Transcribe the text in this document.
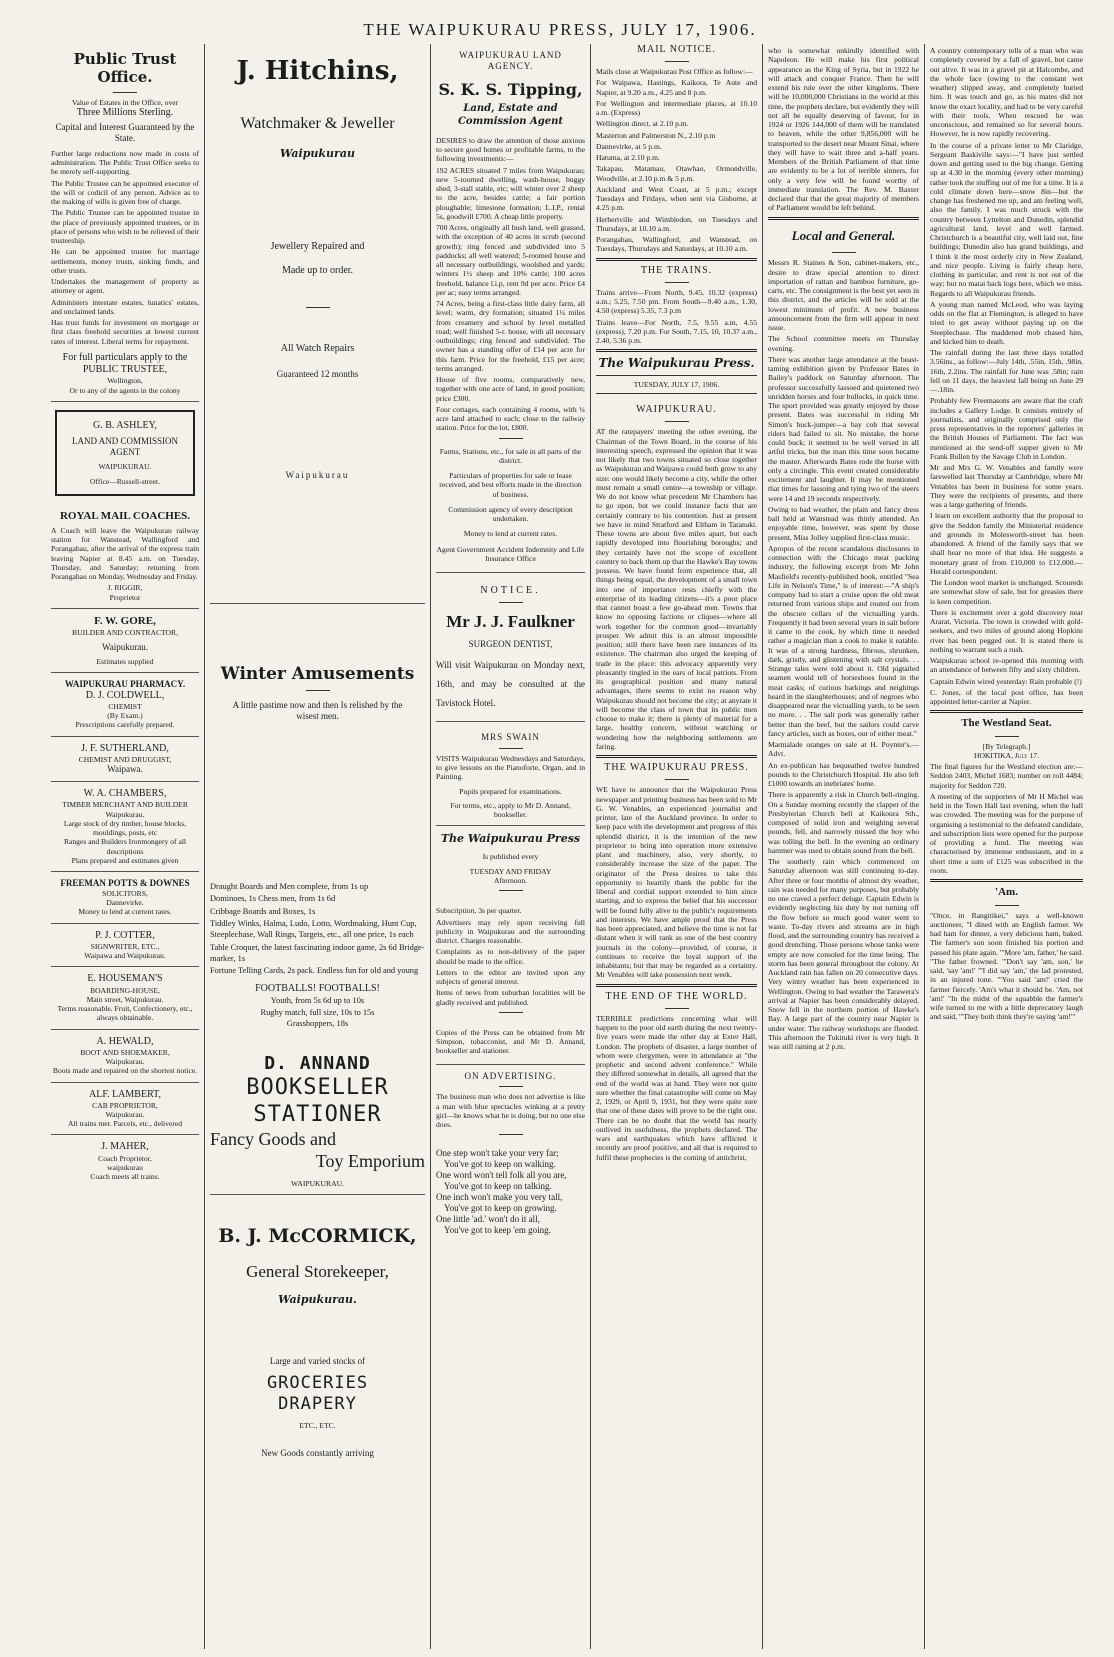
THE WAIPUKURAU PRESS, JULY 17, 1906.
Public Trust Office.
Value of Estates in the Office, over
Three Millions Sterling.
Capital and Interest Guaranteed by the State.

Further large reductions now made in costs of administration. The Public Trust Office seeks to be merely self-supporting.

The Public Trustee can be appointed executor of the will or codicil of any person. Advice as to the making of wills is given free of charge.

The Public Trustee can be appointed trustee in the place of previously appointed trustees, or in place of persons who wish to be relieved of their trusteeship.

He can be appointed trustee for marriage settlements, money trusts, sinking funds, and other trusts.

Undertakes the management of property as attorney or agent.

Administers intestate estates, lunatics' estates, and unclaimed lands.

Has trust funds for investment on mortgage or first class freehold securities at lowest current rates of interest. Liberal terms for repayment.

For full particulars apply to the
PUBLIC TRUSTEE,
Wellington,
Or to any of the agents in the colony
G. B. ASHLEY,
LAND AND COMMISSION AGENT
WAIPUKURAU.
Office—Russell-street.
ROYAL MAIL COACHES.

A Coach will leave the Waipukurau railway station for Wanstead, Wallingford and Porangahau, after the arrival of the express train leaving Napier at 8.45 a.m. on Tuesday, Thursday, and Saturday; returning from Porangahau on Monday, Wednesday and Friday.

J. RIGGIR,
Proprietor
F. W. GORE,
BUILDER AND CONTRACTOR,
Waipukurau.
Estimates supplied
WAIPUKURAU PHARMACY.
D. J. COLDWELL,
CHEMIST
(By Exam.)
Prescriptions carefully prepared.
J. F. SUTHERLAND,
CHEMIST AND DRUGGIST,
Waipawa.
W. A. CHAMBERS,
TIMBER MERCHANT AND BUILDER
Waipukurau.
Large stock of dry timber, house blocks, mouldings, posts, etc
Ranges and Builders Ironmongery of all descriptions
Plans prepared and estimates given
FREEMAN POTTS & DOWNES
SOLICITORS,
Dannevirke.
Money to lend at current rates.
P. J. COTTER,
SIGNWRITER, ETC.,
Waipawa and Waipukurau.
E. HOUSEMAN'S
BOARDING-HOUSE,
Main street, Waipukurau.
Terms reasonable. Fruit, Confectionery, etc., always obtainable.
A. HEWALD,
BOOT AND SHOEMAKER,
Waipukurau.
Boots made and repaired on the shortest notice.
ALF. LAMBERT,
CAB PROPRIETOR,
Waipukurau.
All trains met. Parcels, etc., delivered
J. MAHER,
Coach Proprietor,
waipukurau
Coach meets all trains.
J. Hitchins,
Watchmaker & Jeweller
Waipukurau
Jewellery Repaired and
Made up to order.
All Watch Repairs
Guaranteed 12 months
Waipukurau
Winter Amusements
A little pastime now and then Is relished by the wisest men.
Draught Boards and Men complete, from 1s up
Dominoes, 1s Chess men, from 1s 6d
Cribbage Boards and Boxes, 1s
Tiddley Winks, Halma, Ludo, Lotto, Wordmaking, Hunt Cup, Steeplechase, Wall Rings, Targets, etc., all one price, 1s each
Table Croquet, the latest fascinating indoor game, 2s 6d Bridge-marker, 1s
Fortune Telling Cards, 2s pack. Endless fun for old and young
FOOTBALLS! FOOTBALLS!
Youth, from 5s 6d up to 10s
Rugby match, full size, 10s to 15s
Grasshoppers, 18s
D. ANNAND
BOOKSELLER
STATIONER
Fancy Goods and
Toy Emporium
WAIPUKURAU.
B. J. McCORMICK,
General Storekeeper,
Waipukurau.
Large and varied stocks of
GROCERIES
DRAPERY
ETC., ETC.
New Goods constantly arriving
WAIPUKURAU LAND AGENCY.
S. K. S. Tipping,
Land, Estate and
Commission Agent

DESIRES to draw the attention of those anxious to secure good homes or profitable farms, to the following investments:—

192 ACRES situated 7 miles from Waipukurau; new 5-roomed dwelling, wash-house, buggy shed, 3-stall stable, etc; will winter over 2 sheep to the acre, besides cattle; a fair portion ploughable; limestone formation; L.I.P., rental 5s, goodwill £700. A cheap little property.

700 Acres, originally all bush land, well grassed, with the exception of 40 acres in scrub (second growth); ring fenced and subdivided into 5 paddocks; all well watered; 5-roomed house and all necessary outbuildings, woolshed and yards; winters 1½ sheep and 10% cattle; 100 acres freehold, balance l.i.p, rent 9d per acre. Price £4 per ac; easy terms arranged.

74 Acres, being a first-class little dairy farm, all level; warm, dry formation; situated 1¼ miles from creamery and school by level metalled road; well finished 5-r. house, with all necessary outbuildings; ring fenced and subdivided. The owner has a standing offer of £14 per acre for this farm. Price for the freehold, £15 per acre; terms arranged.

House of five rooms, comparatively new, together with one acre of land, in good position; price £300.

Four cottages, each containing 4 rooms, with ¼ acre land attached to each; close to the railway station. Price for the lot, £800.

Farms, Stations, etc., for sale in all parts of the district.
Particulars of properties for sale or lease received, and best efforts made in the direction of business.
Commission agency of every description undertaken.
Money to lend at current rates.
Agent Government Accident Indemnity and Life Insurance Office
NOTICE.
Mr J. J. Faulkner
SURGEON DENTIST,

Will visit Waipukurau on Monday next, 16th, and may be consulted at the Tavistock Hotel.

MRS SWAIN

VISITS Waipukurau Wednesdays and Saturdays, to give lessons on the Pianoforte, Organ, and in Painting.

Pupils prepared for examinations.
For terms, etc., apply to Mr D. Annand, bookseller.
The Waipukurau Press
Is published every
TUESDAY AND FRIDAY
Afternoon.

Subscription, 3s per quarter.

Advertisers may rely upon receiving full publicity in Waipukurau and the surrounding district. Charges reasonable.

Complaints as to non-delivery of the paper should be made to the office.

Letters to the editor are invited upon any subjects of general interest.

Items of news from suburban localities will be gladly received and published.

Copies of the Press can be obtained from Mr Simpson, tobacconist, and Mr D. Annand, bookseller and stationer.

ON ADVERTISING.

The business man who does not advertise is like a man with blue spectacles winking at a pretty girl—he knows what he is doing, but no one else does.

One step won't take your very far;
You've got to keep on walking.
One word won't tell folk all you are,
You've got to keep on talking.
One inch won't make you very tall,
You've got to keep on growing.
One little 'ad.' won't do it all,
You've got to keep 'em going.
MAIL NOTICE.

Mails close at Waipukurau Post Office as follow:—

For Waipawa, Hastings, Kaikora, Te Aute and Napier, at 9.20 a.m., 4.25 and 8 p.m.

For Wellington and intermediate places, at 10.10 a.m. (Express)

Wellington direct, at 2.10 p.m.

Masterton and Palmerston N., 2.10 p.m

Dannevirke, at 5 p.m.

Hatuma, at 2.10 p.m.

Takapau, Matamau, Otawhao, Ormondville, Woodville, at 2.10 p.m & 5 p.m.

Auckland and West Coast, at 5 p.m.; except Tuesdays and Fridays, when sent via Gisborne, at 4.25 p.m.

Herbertville and Wimbledon, on Tuesdays and Thursdays, at 10.10 a.m.

Porangahau, Wallingford, and Wanstead, on Tuesdays, Thursdays and Saturdays, at 10.10 a.m.

THE TRAINS.

Trains arrive—From North, 9.45, 10.32 (express) a.m.; 5.25, 7.50 pm. From South—9.40 a.m., 1.30, 4.50 (express) 5.35, 7.3 p.m

Trains leave—For North, 7.5, 9.55 a.m, 4.55 (express), 7.20 p.m. For South, 7.15, 10, 10.37 a.m., 2.40, 5.36 p.m.

The Waipukurau Press.
TUESDAY, JULY 17, 1906.
WAIPUKURAU.

AT the ratepayers' meeting the other evening, the Chairman of the Town Board, in the course of his interesting speech, expressed the opinion that it was not likely that two towns situated so close together as Waipukurau and Waipawa could both grow to any size: one would likely become a city, while the other must remain a small centre—a township or village. We do not know what precedent Mr Chambers has to go upon, but we could instance facts that are certainly contrary to his contention. Just at present we have in mind Stratford and Eltham in Taranaki. These towns are about five miles apart, but each rapidly developed into flourishing boroughs; and they certainly have not the scope of excellent country to back them up that the Hawke's Bay towns possess. We have found from experience that, all things being equal, the development of a small town into one of importance rests chiefly with the enterprise of its leading citizens—it's a poor place that cannot boast a few go-ahead men. Towns that know no opposing factions or cliques—where all work together for the common good—invariably prosper. We admit this is an almost impossible position; still there have been rare instances of its existence. The chairman also urged the keeping of trade in the place: this advocacy apparently very pleasantly tingled in the ears of local patriots. From its geographical position and many natural advantages, there seems to exist no reason why Waipukurau should not become the city; at anyrate it will become the class of town that its public men choose to make it; there is plenty of material for a large, healthy concern, without watching or wondering how the neighboring settlements are faring.

THE WAIPUKURAU PRESS.

WE have to announce that the Waipukurau Press newspaper and printing business has been sold to Mr G. W. Venables, an experienced journalist and printer, late of the Auckland province. In order to keep pace with the development and progress of this splendid district, it is the intention of the new proprietor to bring into operation more extensive plant and machinery, also, very shortly, to considerably increase the size of the paper. The originator of the Press desires to take this opportunity to heartily thank the public for the liberal and cordial support extended to him since starting, and to express the belief that his successor will be found fully alive to the public's requirements and interests. We have ample proof that the Press has been appreciated, and believe the time is not far distant when it will rank as one of the best country journals in the colony—provided, of course, it continues to receive the loyal support of the inhabitants; but that may be regarded as a certainty. Mr Venables will take possession next week.

THE END OF THE WORLD.

TERRIBLE predictions concerning what will happen to the poor old earth during the next twenty-five years were made the other day at Exter Hall, London. The prophets of disaster, a large number of whom were clergymen, were in attendance at "the prophetic and second advent conference." While they differed somewhat in details, all agreed that the end of the world was at hand. They were not quite sure whether the final catastrophe will come on May 2, 1929, or April 9, 1931, but they were quite sure that one of these dates will prove to be the right one. There can be no doubt that the world has nearly outlived its usefulness, the prophets declared. The wars and earthquakes which have afflicted it recently are proof positive, and all that is required to fulfil these prophecies is the coming of antichrist,

who is somewhat unkindly identified with Napoleon. He will make his first political appearance as the King of Syria, but in 1922 he will attack and conquer France. Then he will extend his rule over the other kingdoms. There will be 10,000,000 Christians in the world at this time, the prophets declare, but evidently they will not all be equally deserving of favour, for in 1924 or 1926 144,000 of them will be translated to heaven, while the other 9,856,000 will be transported to the desert near Mount Sinai, where they will have to wait three and a-half years. Members of the British Parliament of that time are evidently to be a lot of terrible sinners, for only a very few will be found worthy of immediate translation. The Rev. M. Baxter declared that that the great majority of members of Parliament would be left behind.

Local and General.

Messrs R. Staines & Son, cabinet-makers, etc., desire to draw special attention to direct importation of rattan and bamboo furniture, go-carts, etc. The consignment is the best yet seen in this district, and the articles will be sold at the lowest minimum of profit. A new business announcement from the firm will appear in next issue.

The School committee meets on Thursday evening.

There was another large attendance at the beast-taming exhibition given by Professor Bates in Bailey's paddock on Saturday afternoon. The professor successfully lassoed and quietened two unridden horses and four bullocks, in quick time. The sport provided was greatly enjoyed by those present. Bates was successful in riding Mr Simon's buck-jumper—a bay cob that several riders had failed to sit. No mistake, the horse could buck; it seemed to be well versed in all artful tricks, but the man this time soon became the master. Afterwards Bates rode the horse with only a circingle. This event created considerable excitement and laughter. It may be mentioned that times for lassoing and tying two of the steers were 14 and 19 seconds respectively.

Owing to bad weather, the plain and fancy dress ball held at Wanstead was thinly attended. An enjoyable time, however, was spent by those present, Miss Jolley supplied first-class music.

Apropos of the recent scandalous disclosures in connection with the Chicago meat packing industry, the following excerpt from Mr John Masfield's recently-published book, entitled "Sea Life in Nelson's Time," is of interest:—"A ship's company had to start a cruise upon the old meat returned from various ships and routed out from the obscure cellars of the victualling yards. Frequently it had been several years in salt before it came to the cook, by which time it needed rather a magician than a cook to make it eatable. It was of a strong hardness, fibrous, shrunken, dark, gristly, and glistening with salt crystals. . . Strange tales were told about it. Old pigtailed seamen would tell of horseshoes found in the meat casks; of curious barkings and neighings heard in the slaughterhouses; and of negroes who disappeared near the victualling yards, to be seen no more. . . The salt pork was generally rather better than the beef, but the sailors could carve fancy articles, such as boxes, out of either meat."

Marmalade oranges on sale at H. Poynter's.—Advt.

An ex-publican has bequeathed twelve hundred pounds to the Christchurch Hospital. He also left £1000 towards an inebriates' home.

There is apparently a risk in Church bell-ringing. On a Sunday morning recently the clapper of the Presbyterian Church bell at Kaikoura Sth., composed of solid iron and weighing several pounds, fell, and narrowly missed the boy who was tolling the bell. In the evening an ordinary hammer was used to obtain sound from the bell.

The southerly rain which commenced on Saturday afternoon was still continuing to-day. After three or four months of almost dry weather, rain was needed for many purposes, but probably no one craved a perfect deluge. Captain Edwin is evidently neglecting his duty by not turning off the flow before so much good water went to waste. To-day rivers and streams are in high flood, and the surrounding country has received a good drenching. Those persons whose tanks were empty are now consoled for the time being. The storm has been general throughout the colony. At Auckland rain has fallen on 20 consecutive days. Very wintry weather has been experienced in Wellington. Owing to bad weather the Tarawera's arrival at Napier has been considerably delayed. Snow fell in the northern portion of Hawke's Bay. A large part of the country near Napier is under water. The railway workshops are flooded. This afternoon the Tukituki river is very high. It was still raining at 2 p.m.

A country contemporary tells of a man who was completely covered by a fall of gravel, but came out alive. It was in a gravel pit at Halcombe, and the whole face (owing to the constant wet weather) slipped away, and completely buried him. It was touch and go, as his mates did not know the exact locality, and had to be very careful with their tools. When rescued he was unconscious, and remained so for several hours. However, he is now rapidly recovering.

In the course of a private letter to Mr Claridge, Sergeant Baskiville says:—"I have just settled down and getting used to the big change. Getting up at 4.30 in the morning (every other morning) rather took the stuffing out of me for a time. It is a cold climate down here—snow 8in—but the change has freshened me up, and am feeling well, also the family. I was much struck with the country between Lyttelton and Dunedin, splendid agricultural land, level and well farmed. Christchurch is a beautiful city, well laid out, fine buildings; Dunedin also has grand buildings, and I think it the most orderly city in New Zealand, and nice people. Living is fairly cheap here, clothing in particular, and rent is not out of the way; but no matai back logs here, which we miss. Regards to all Waipukurau friends.

A young man named McLeod, who was laying odds on the flat at Flemington, is alleged to have tried to get away without paying up on the Steeplechase. The maddened mob chased him, and kicked him to death.

The rainfall during the last three days totalled 3.56ins., as follow:—July 14th, .55in, 15th, .98in, 16th, 2.2ins. The rainfall for June was .58in; rain fell on 11 days, the heaviest fall being on June 29—.18in.

Probably few Freemasons are aware that the craft includes a Gallery Lodge. It consists entirely of journalists, and originally comprised only the press representatives in the reporters' galleries in the British Houses of Parliament. The fact was mentioned at the send-off supper given to Mr Frank Bullen by the Savage Club in London.

Mr and Mrs G. W. Venables and family were farewelled last Thursday at Cambridge, where Mr Venables has been in business for some years. They were the recipients of presents, and there was a large gathering of friends.

I learn on excellent authority that the proposal to give the Seddon family the Ministerial residence and grounds in Molesworth-street has been abandoned. A friend of the family says that we shall hear no more of that idea. He suggests a monetary grant of from £10,000 to £12,000.—Herald correspondent.

The London wool market is unchanged. Scoureds are somewhat slow of sale, but for greasies there is keen competition.

There is excitement over a gold discovery near Ararat, Victoria. The town is crowded with gold-seekers, and two miles of ground along Hopkins river has been pegged out. It is stated there is nothing to warrant such a rush.

Waipukurau school re-opened this morning with an attendance of between fifty and sixty children.

Captain Edwin wired yesterday: Rain probable (!)

C. Jones, of the local post office, has been appointed letter-carrier at Napier.

The Westland Seat.
[By Telegraph.]
HOKITIKA, July 17.

The final figures for the Westland election are:—Seddon 2403, Michel 1683; number on roll 4484; majority for Seddon 720.

A meeting of the supporters of Mr H Michel was held in the Town Hall last evening, when the hall was crowded. The meeting was for the purpose of organising a testimonial to the defeated candidate, and subscription lists were opened for the purpose of providing a fund. The meeting was characterised by immense enthusiasm, and in a short time a sum of £125 was subscribed in the room.

'Am.

"Once, in Rangitikei," says a well-known auctioneer, "I dined with an English farmer. We had ham for dinner, a very delicious ham, baked. The farmer's son soon finished his portion and passed his plate again. "'More 'am, father,' he said. "The father frowned. "'Don't say 'am, son,' he said, 'say 'am!' "'I did say 'am,' the lad protested, in an injured tone. "'You said 'am!' cried the farmer fiercely. 'Am's what it should be. 'Am, not 'am!' "In the midst of the squabble the farmer's wife turned to me with a little deprecatory laugh and said, "'They both think they're saying 'am!'"
